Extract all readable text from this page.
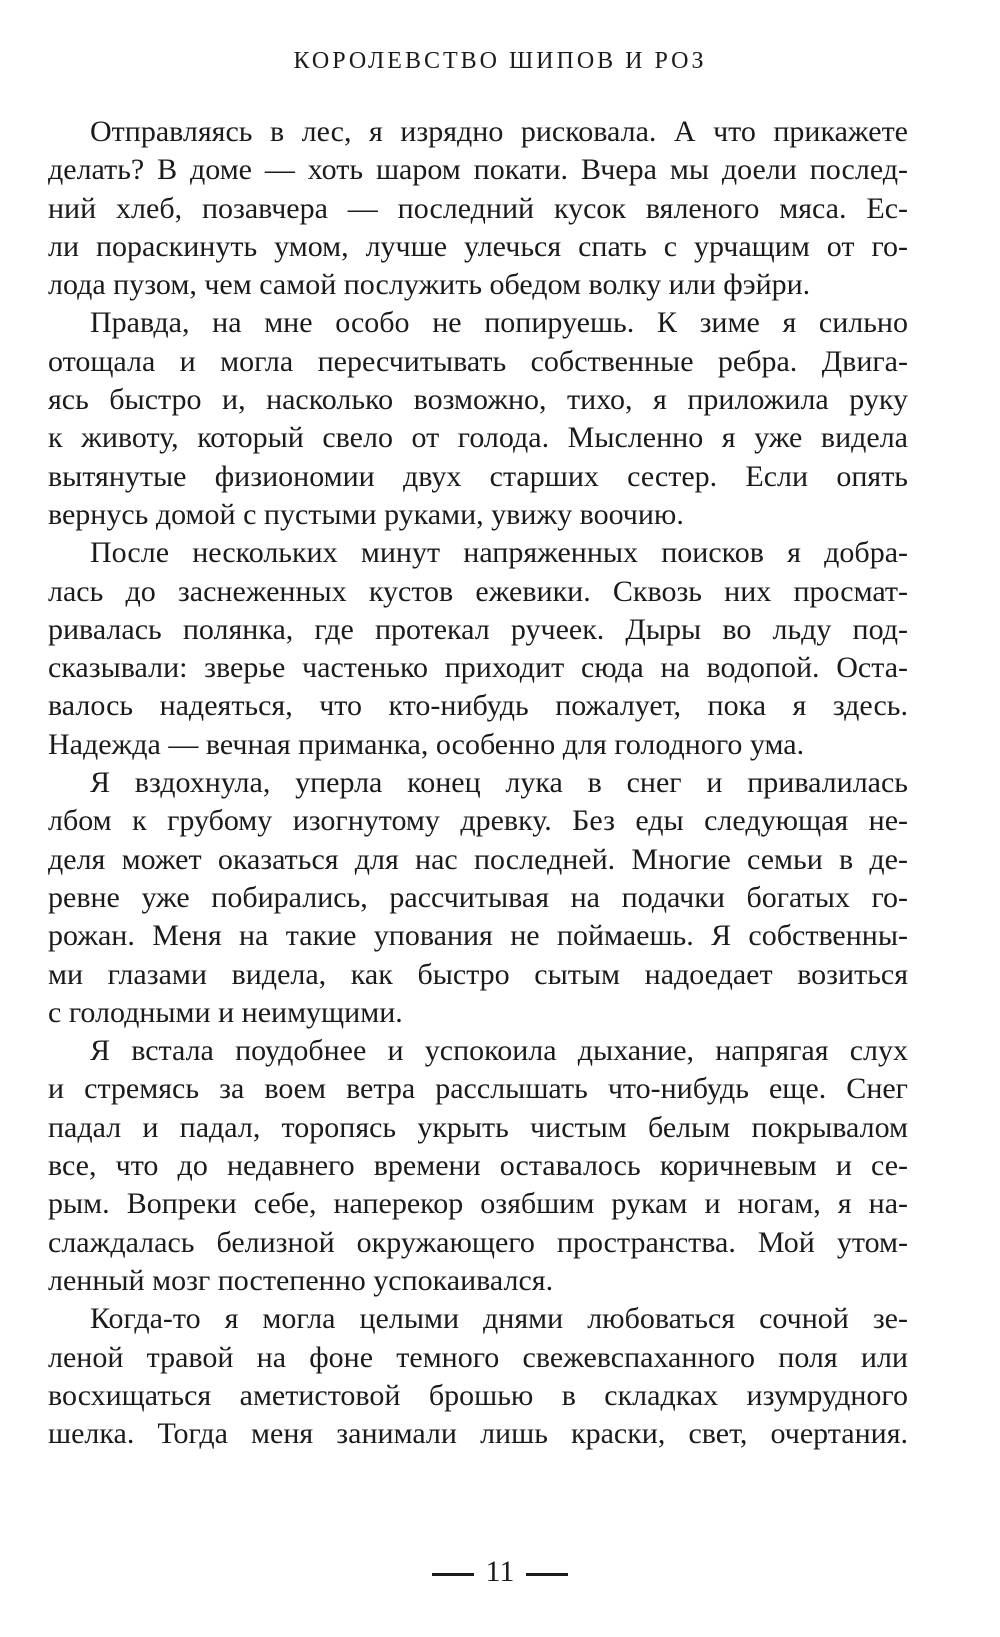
КОРОЛЕВСТВО ШИПОВ И РОЗ
Отправляясь в лес, я изрядно рисковала. А что прикажете
делать? В доме — хоть шаром покати. Вчера мы доели послед-
ний хлеб, позавчера — последний кусок вяленого мяса. Ес-
ли пораскинуть умом, лучше улечься спать с урчащим от го-
лода пузом, чем самой послужить обедом волку или фэйри.
Правда, на мне особо не попируешь. К зиме я сильно
отощала и могла пересчитывать собственные ребра. Двига-
ясь быстро и, насколько возможно, тихо, я приложила руку
к животу, который свело от голода. Мысленно я уже видела
вытянутые физиономии двух старших сестер. Если опять
вернусь домой с пустыми руками, увижу воочию.
После нескольких минут напряженных поисков я добра-
лась до заснеженных кустов ежевики. Сквозь них просмат-
ривалась полянка, где протекал ручеек. Дыры во льду под-
сказывали: зверье частенько приходит сюда на водопой. Оста-
валось надеяться, что кто-нибудь пожалует, пока я здесь.
Надежда — вечная приманка, особенно для голодного ума.
Я вздохнула, уперла конец лука в снег и привалилась
лбом к грубому изогнутому древку. Без еды следующая не-
деля может оказаться для нас последней. Многие семьи в де-
ревне уже побирались, рассчитывая на подачки богатых го-
рожан. Меня на такие упования не поймаешь. Я собственны-
ми глазами видела, как быстро сытым надоедает возиться
с голодными и неимущими.
Я встала поудобнее и успокоила дыхание, напрягая слух
и стремясь за воем ветра расслышать что-нибудь еще. Снег
падал и падал, торопясь укрыть чистым белым покрывалом
все, что до недавнего времени оставалось коричневым и се-
рым. Вопреки себе, наперекор озябшим рукам и ногам, я на-
слаждалась белизной окружающего пространства. Мой утом-
ленный мозг постепенно успокаивался.
Когда-то я могла целыми днями любоваться сочной зе-
леной травой на фоне темного свежевспаханного поля или
восхищаться аметистовой брошью в складках изумрудного
шелка. Тогда меня занимали лишь краски, свет, очертания.
11
